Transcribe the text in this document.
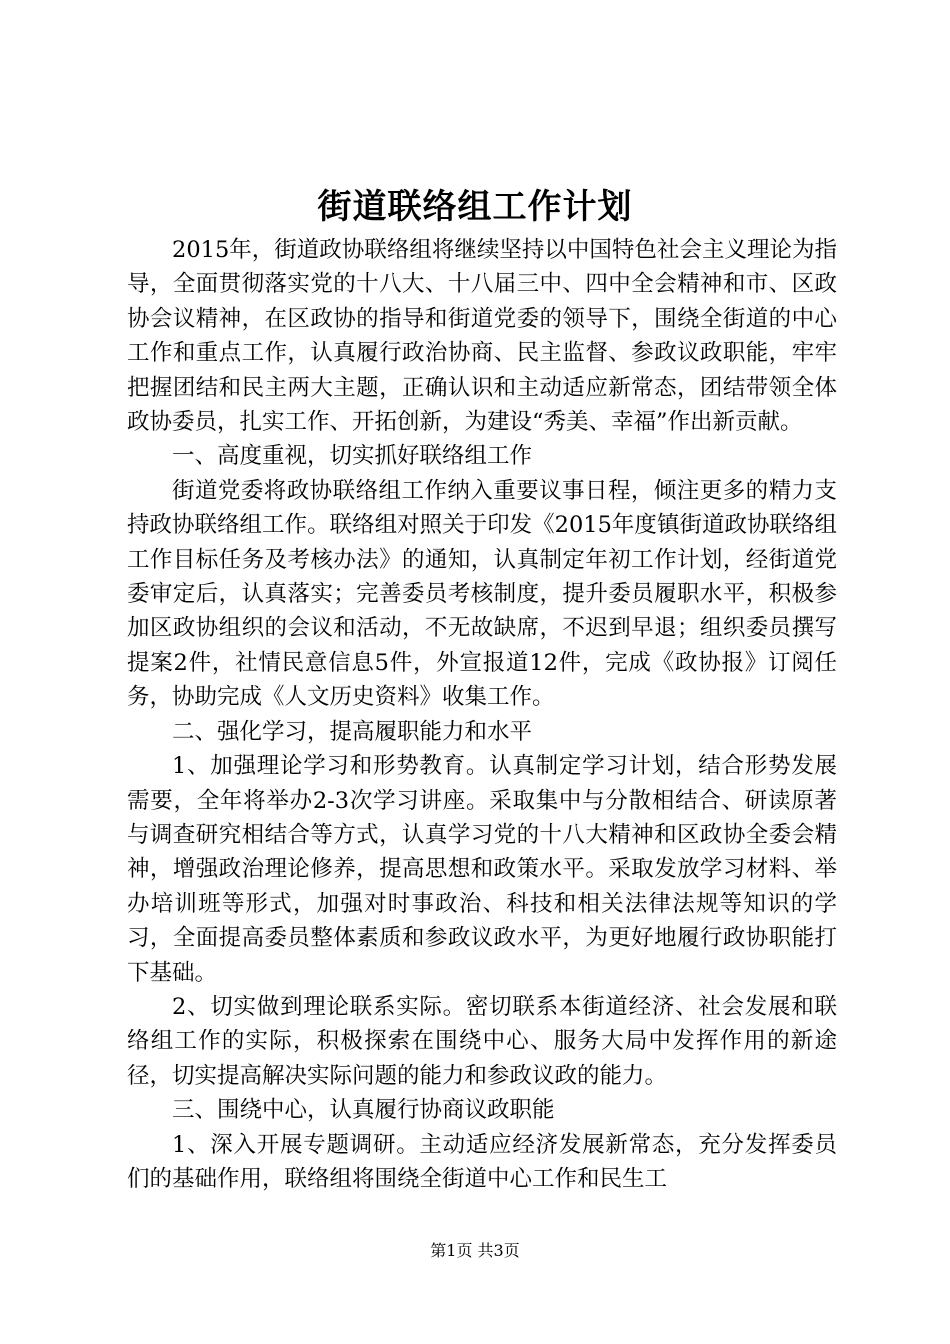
街道联络组工作计划

2015年，街道政协联络组将继续坚持以中国特色社会主义理论为指导，全面贯彻落实党的十八大、十八届三中、四中全会精神和市、区政协会议精神，在区政协的指导和街道党委的领导下，围绕全街道的中心工作和重点工作，认真履行政治协商、民主监督、参政议政职能，牢牢把握团结和民主两大主题，正确认识和主动适应新常态，团结带领全体政协委员，扎实工作、开拓创新，为建设“秀美、幸福”作出新贡献。

一、高度重视，切实抓好联络组工作

街道党委将政协联络组工作纳入重要议事日程，倾注更多的精力支持政协联络组工作。联络组对照关于印发《2015年度镇街道政协联络组工作目标任务及考核办法》的通知，认真制定年初工作计划，经街道党委审定后，认真落实；完善委员考核制度，提升委员履职水平，积极参加区政协组织的会议和活动，不无故缺席，不迟到早退；组织委员撰写提案2件，社情民意信息5件，外宣报道12件，完成《政协报》订阅任务，协助完成《人文历史资料》收集工作。

二、强化学习，提高履职能力和水平

1、加强理论学习和形势教育。认真制定学习计划，结合形势发展需要，全年将举办2-3次学习讲座。采取集中与分散相结合、研读原著与调查研究相结合等方式，认真学习党的十八大精神和区政协全委会精神，增强政治理论修养，提高思想和政策水平。采取发放学习材料、举办培训班等形式，加强对时事政治、科技和相关法律法规等知识的学习，全面提高委员整体素质和参政议政水平，为更好地履行政协职能打下基础。

2、切实做到理论联系实际。密切联系本街道经济、社会发展和联络组工作的实际，积极探索在围绕中心、服务大局中发挥作用的新途径，切实提高解决实际问题的能力和参政议政的能力。

三、围绕中心，认真履行协商议政职能

1、深入开展专题调研。主动适应经济发展新常态，充分发挥委员们的基础作用，联络组将围绕全街道中心工作和民生工

第1页 共3页
